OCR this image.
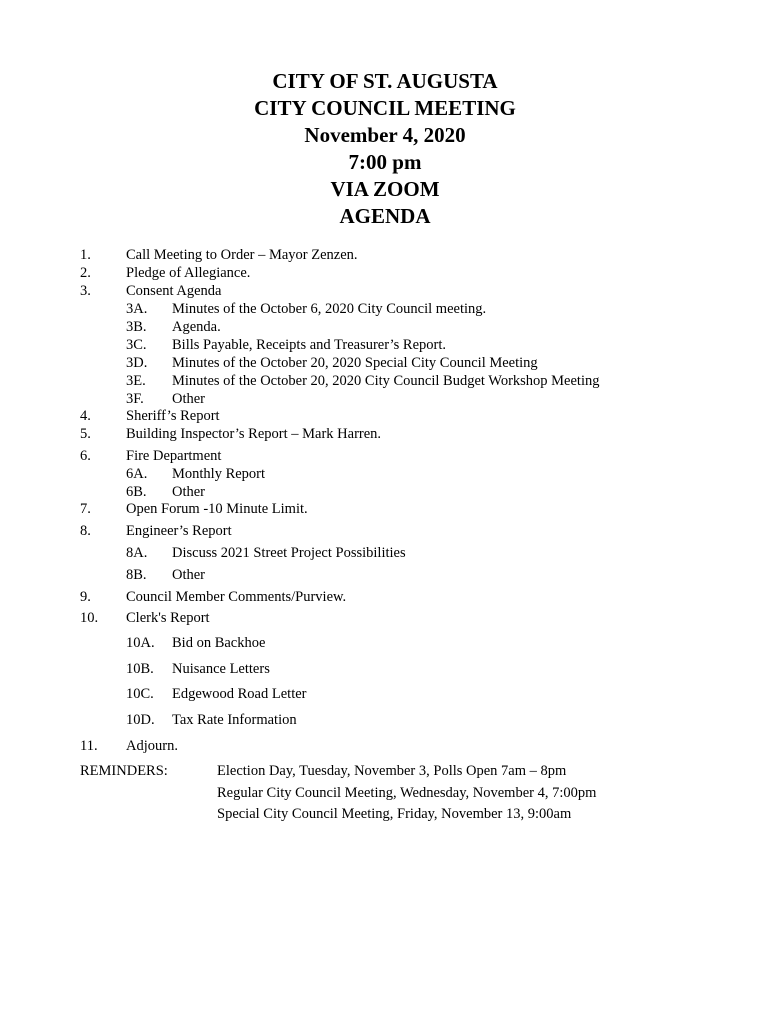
CITY OF ST. AUGUSTA
CITY COUNCIL MEETING
November 4, 2020
7:00 pm
VIA ZOOM
AGENDA
1. Call Meeting to Order – Mayor Zenzen.
2. Pledge of Allegiance.
3. Consent Agenda
3A. Minutes of the October 6, 2020 City Council meeting.
3B. Agenda.
3C. Bills Payable, Receipts and Treasurer’s Report.
3D. Minutes of the October 20, 2020 Special City Council Meeting
3E. Minutes of the October 20, 2020 City Council Budget Workshop Meeting
3F. Other
4. Sheriff’s Report
5. Building Inspector’s Report – Mark Harren.
6. Fire Department
6A. Monthly Report
6B. Other
7. Open Forum -10 Minute Limit.
8. Engineer’s Report
8A. Discuss 2021 Street Project Possibilities
8B. Other
9. Council Member Comments/Purview.
10. Clerk's Report
10A. Bid on Backhoe
10B. Nuisance Letters
10C. Edgewood Road Letter
10D. Tax Rate Information
11. Adjourn.
REMINDERS:	Election Day, Tuesday, November 3, Polls Open 7am – 8pm
Regular City Council Meeting, Wednesday, November 4, 7:00pm
Special City Council Meeting, Friday, November 13, 9:00am
